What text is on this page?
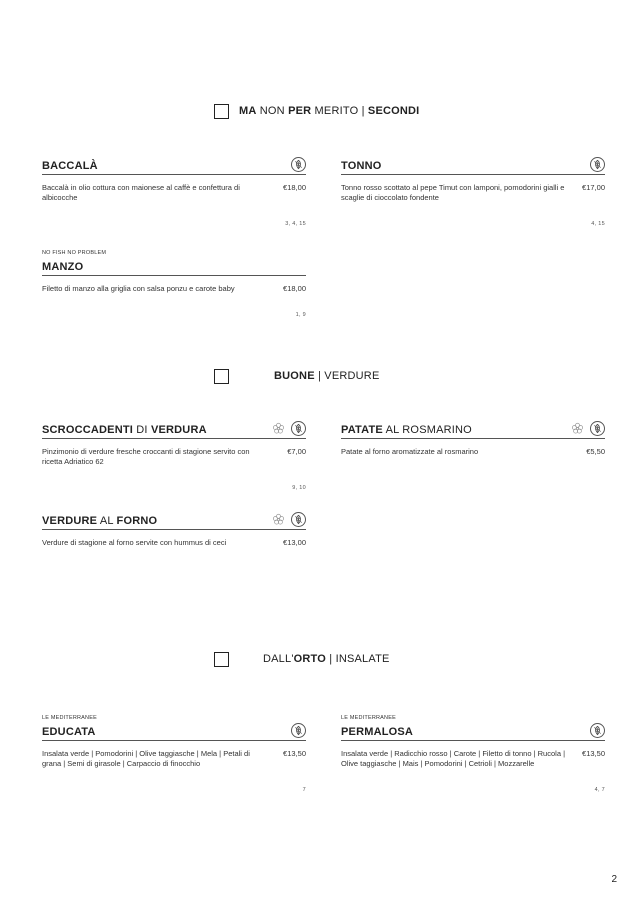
MA NON PER MERITO | SECONDI
BUONE | VERDURE
DALL'ORTO | INSALATE
BACCALÀ
Baccalà in olio cottura con maionese al caffè e confettura di albicocche
€18,00
3, 4, 15
TONNO
Tonno rosso scottato al pepe Timut con lamponi, pomodorini gialli e scaglie di cioccolato fondente
€17,00
4, 15
NO FISH NO PROBLEM
MANZO
Filetto di manzo alla griglia con salsa ponzu e carote baby	€18,00
1, 9
SCROCCADENTI DI VERDURA
Pinzimonio di verdure fresche croccanti di stagione servito con ricetta Adriatico 62
€7,00
9, 10
PATATE AL ROSMARINO
Patate al forno aromatizzate al rosmarino	€5,50
VERDURE AL FORNO
Verdure di stagione al forno servite con hummus di ceci	€13,00
LE MEDITERRANEE
EDUCATA
Insalata verde | Pomodorini | Olive taggiasche | Mela | Petali di grana | Semi di girasole | Carpaccio di finocchio
€13,50
7
LE MEDITERRANEE
PERMALOSA
Insalata verde | Radicchio rosso | Carote | Filetto di tonno | Rucola | Olive taggiasche | Mais | Pomodorini | Cetrioli | Mozzarelle
€13,50
4, 7
2
